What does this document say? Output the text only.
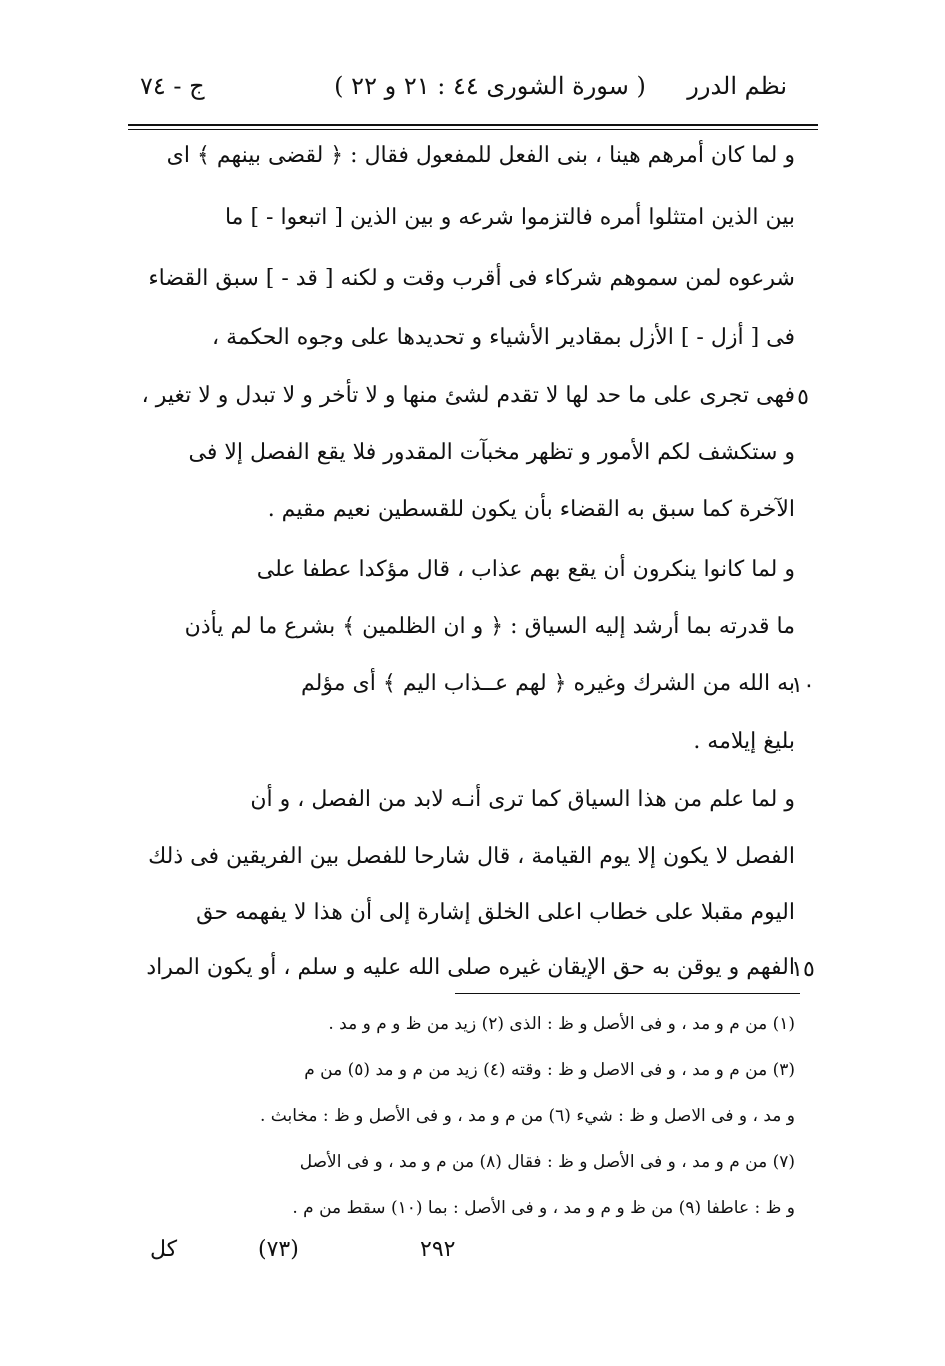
نظم الدرر
( سورة الشورى ٤٤ : ٢١ و ٢٢ )
ج - ٧٤
و لما كان أمرهم هينا ، بنى الفعل للمفعول فقال : ﴿ لقضى بينهم ﴾ اى
بين الذين امتثلوا أمره فالتزموا شرعه و بين الذين [ اتبعوا - ] ما
شرعوه لمن سموهم شركاء فى أقرب وقت و لكنه [ قد - ] سبق القضاء
فى [ أزل - ] الأزل بمقادير الأشياء و تحديدها على وجوه الحكمة ،
فهى تجرى على ما حد لها لا تقدم لشئ منها و لا تأخر و لا تبدل و لا تغير ، ٥
و ستكشف لكم الأمور و تظهر مخبآت المقدور فلا يقع الفصل إلا فى
الآخرة كما سبق به القضاء بأن يكون للقسطين نعيم مقيم .
و لما كانوا ينكرون أن يقع بهم عذاب ، قال مؤكدا عطفا على
ما قدرته بما أرشد إليه السياق : ﴿ و ان الظلمين ﴾ بشرع ما لم يأذن
به الله من الشرك وغيره ﴿ لهم عــذاب اليم ﴾ أى مؤلم
١٠
بليغ إيلامه .
و لما علم من هذا السياق كما ترى أنـه لابد من الفصل ، و أن
الفصل لا يكون إلا يوم القيامة ، قال شارحا للفصل بين الفريقين فى ذلك
اليوم مقبلا على خطاب اعلى الخلق إشارة إلى أن هذا لا يفهمه حق
الفهم و يوقن به حق الإيقان غيره صلى الله عليه و سلم ، أو يكون المراد
١٥
(١) من م و مد ، و فى الأصل و ظ : الذى (٢) زيد من ظ و م و مد .
(٣) من م و مد ، و فى الاصل و ظ : وقته (٤) زيد من م و مد (٥) من م
و مد ، و فى الاصل و ظ : شيء (٦) من م و مد ، و فى الأصل و ظ : مخابث .
(٧) من م و مد ، و فى الأصل و ظ : فقال (٨) من م و مد ، و فى الأصل
و ظ : عاطفا (٩) من ظ و م و مد ، و فى الأصل : بما (١٠) سقط من م .
٢٩٢
(٧٣)
كل
